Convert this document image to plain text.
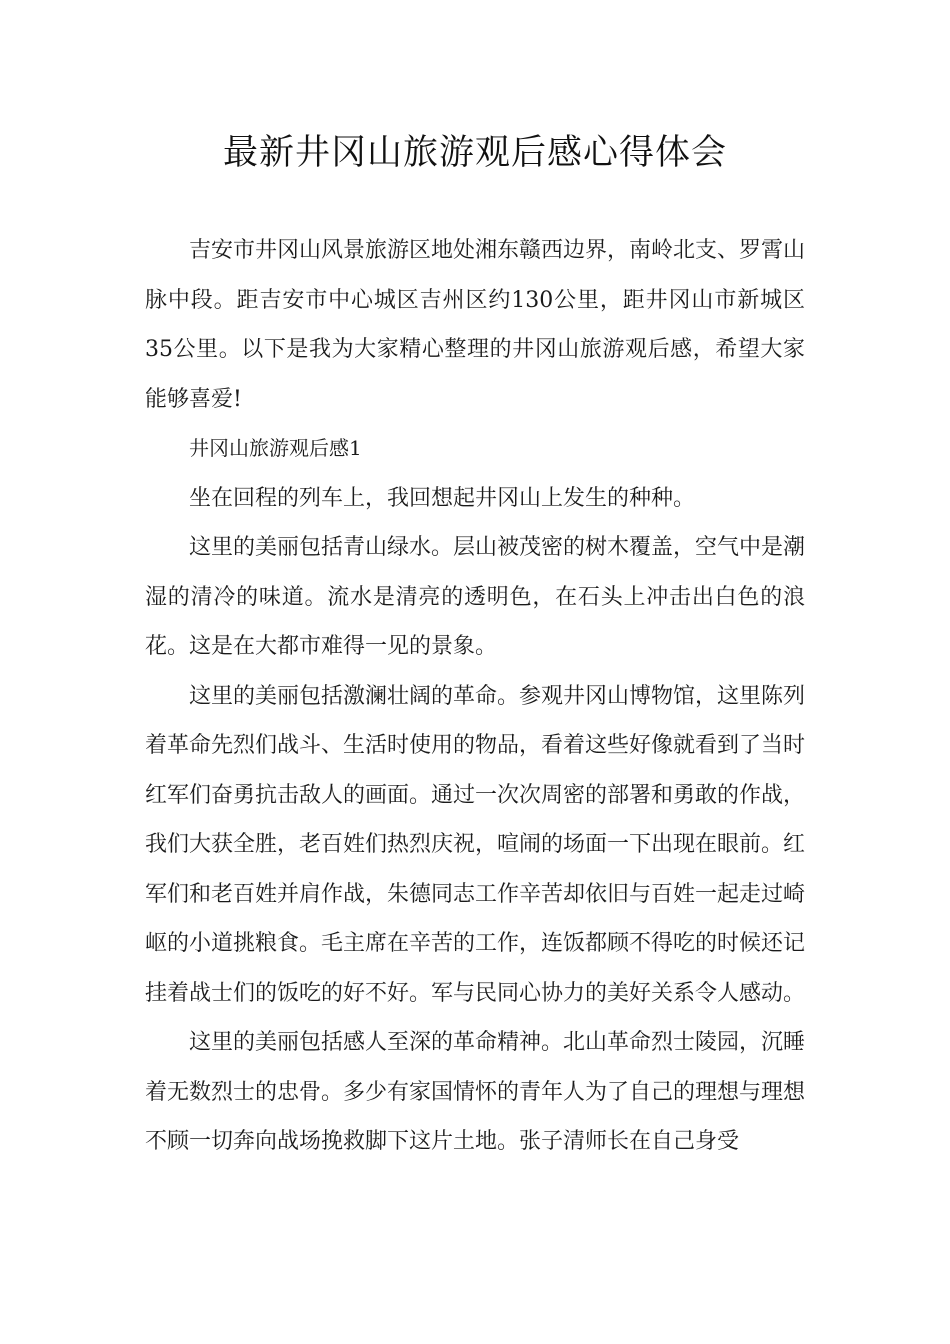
最新井冈山旅游观后感心得体会

吉安市井冈山风景旅游区地处湘东赣西边界，南岭北支、罗霄山脉中段。距吉安市中心城区吉州区约130公里，距井冈山市新城区35公里。以下是我为大家精心整理的井冈山旅游观后感，希望大家能够喜爱!

井冈山旅游观后感1

坐在回程的列车上，我回想起井冈山上发生的种种。

这里的美丽包括青山绿水。层山被茂密的树木覆盖，空气中是潮湿的清冷的味道。流水是清亮的透明色，在石头上冲击出白色的浪花。这是在大都市难得一见的景象。

这里的美丽包括激澜壮阔的革命。参观井冈山博物馆，这里陈列着革命先烈们战斗、生活时使用的物品，看着这些好像就看到了当时红军们奋勇抗击敌人的画面。通过一次次周密的部署和勇敢的作战，我们大获全胜，老百姓们热烈庆祝，喧闹的场面一下出现在眼前。红军们和老百姓并肩作战，朱德同志工作辛苦却依旧与百姓一起走过崎岖的小道挑粮食。毛主席在辛苦的工作，连饭都顾不得吃的时候还记挂着战士们的饭吃的好不好。军与民同心协力的美好关系令人感动。

这里的美丽包括感人至深的革命精神。北山革命烈士陵园，沉睡着无数烈士的忠骨。多少有家国情怀的青年人为了自己的理想与理想不顾一切奔向战场挽救脚下这片土地。张子清师长在自己身受
